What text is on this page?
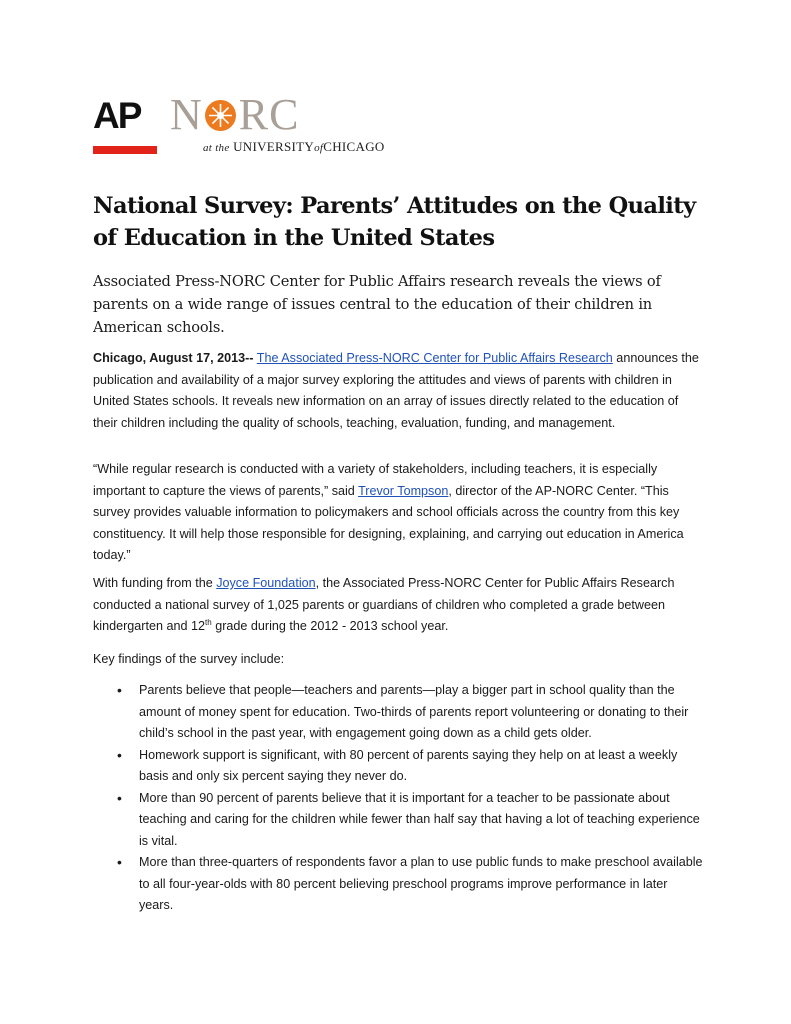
AP N RC
at the UNIVERSITYofCHICAGO
National Survey: Parents’ Attitudes on the Quality of Education in the United States

Associated Press-NORC Center for Public Affairs research reveals the views of parents on a wide range of issues central to the education of their children in American schools.

Chicago, August 17, 2013-- The Associated Press-NORC Center for Public Affairs Research announces the publication and availability of a major survey exploring the attitudes and views of parents with children in United States schools. It reveals new information on an array of issues directly related to the education of their children including the quality of schools, teaching, evaluation, funding, and management.

“While regular research is conducted with a variety of stakeholders, including teachers, it is especially important to capture the views of parents,” said Trevor Tompson, director of the AP-NORC Center. “This survey provides valuable information to policymakers and school officials across the country from this key constituency. It will help those responsible for designing, explaining, and carrying out education in America today.”

With funding from the Joyce Foundation, the Associated Press-NORC Center for Public Affairs Research conducted a national survey of 1,025 parents or guardians of children who completed a grade between kindergarten and 12th grade during the 2012 - 2013 school year.

Key findings of the survey include:

• Parents believe that people—teachers and parents—play a bigger part in school quality than the amount of money spent for education. Two-thirds of parents report volunteering or donating to their child’s school in the past year, with engagement going down as a child gets older.
• Homework support is significant, with 80 percent of parents saying they help on at least a weekly basis and only six percent saying they never do.
• More than 90 percent of parents believe that it is important for a teacher to be passionate about teaching and caring for the children while fewer than half say that having a lot of teaching experience is vital.
• More than three-quarters of respondents favor a plan to use public funds to make preschool available to all four-year-olds with 80 percent believing preschool programs improve performance in later years.
